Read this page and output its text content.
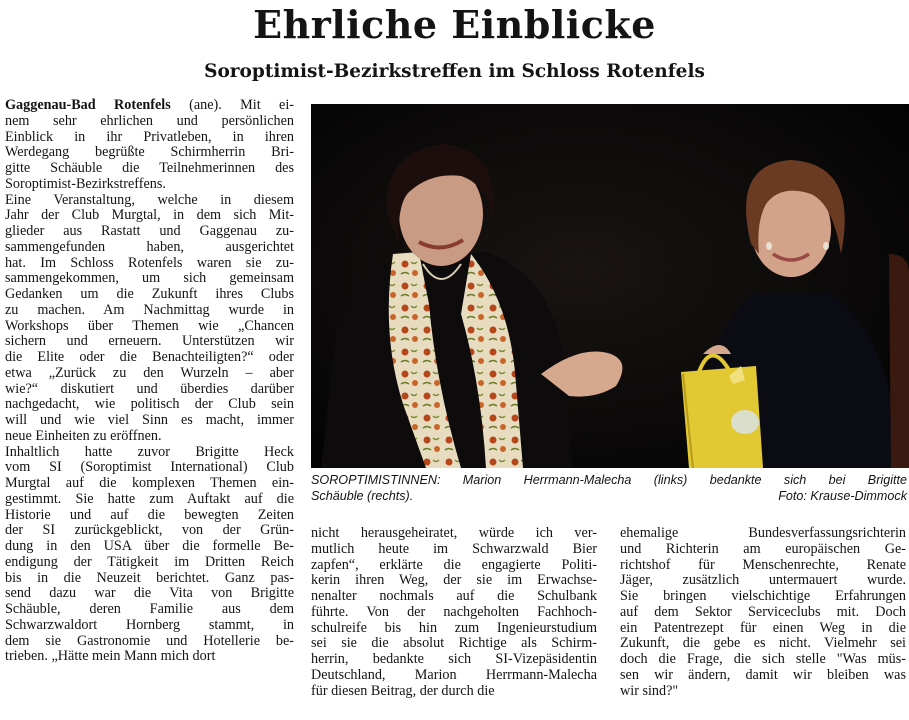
Ehrliche Einblicke
Soroptimist-Bezirkstreffen im Schloss Rotenfels
Gaggenau-Bad Rotenfels (ane). Mit ei-
nem sehr ehrlichen und persönlichen
Einblick in ihr Privatleben, in ihren
Werdegang begrüßte Schirmherrin Bri-
gitte Schäuble die Teilnehmerinnen des
Soroptimist-Bezirkstreffens.
Eine Veranstaltung, welche in diesem
Jahr der Club Murgtal, in dem sich Mit-
glieder aus Rastatt und Gaggenau zu-
sammengefunden haben, ausgerichtet
hat. Im Schloss Rotenfels waren sie zu-
sammengekommen, um sich gemeinsam
Gedanken um die Zukunft ihres Clubs
zu machen. Am Nachmittag wurde in
Workshops über Themen wie „Chancen
sichern und erneuern. Unterstützen wir
die Elite oder die Benachteiligten?“ oder
etwa „Zurück zu den Wurzeln – aber
wie?“ diskutiert und überdies darüber
nachgedacht, wie politisch der Club sein
will und wie viel Sinn es macht, immer
neue Einheiten zu eröffnen.
Inhaltlich hatte zuvor Brigitte Heck
vom SI (Soroptimist International) Club
Murgtal auf die komplexen Themen ein-
gestimmt. Sie hatte zum Auftakt auf die
Historie und auf die bewegten Zeiten
der SI zurückgeblickt, von der Grün-
dung in den USA über die formelle Be-
endigung der Tätigkeit im Dritten Reich
bis in die Neuzeit berichtet. Ganz pas-
send dazu war die Vita von Brigitte
Schäuble, deren Familie aus dem
Schwarzwaldort Hornberg stammt, in
dem sie Gastronomie und Hotellerie be-
trieben. „Hätte mein Mann mich dort
SOROPTIMISTINNEN: Marion Herrmann-Malecha (links) bedankte sich bei Brigitte
Schäuble (rechts).	Foto: Krause-Dimmock
nicht herausgeheiratet, würde ich ver-
mutlich heute im Schwarzwald Bier
zapfen“, erklärte die engagierte Politi-
kerin ihren Weg, der sie im Erwachse-
nenalter nochmals auf die Schulbank
führte. Von der nachgeholten Fachhoch-
schulreife bis hin zum Ingenieurstudium
sei sie die absolut Richtige als Schirm-
herrin, bedankte sich SI-Vizepäsidentin
Deutschland, Marion Herrmann-Malecha
für diesen Beitrag, der durch die
ehemalige Bundesverfassungsrichterin
und Richterin am europäischen Ge-
richtshof für Menschenrechte, Renate
Jäger, zusätzlich untermauert wurde.
Sie bringen vielschichtige Erfahrungen
auf dem Sektor Serviceclubs mit. Doch
ein Patentrezept für einen Weg in die
Zukunft, die gebe es nicht. Vielmehr sei
doch die Frage, die sich stelle "Was müs-
sen wir ändern, damit wir bleiben was
wir sind?"
